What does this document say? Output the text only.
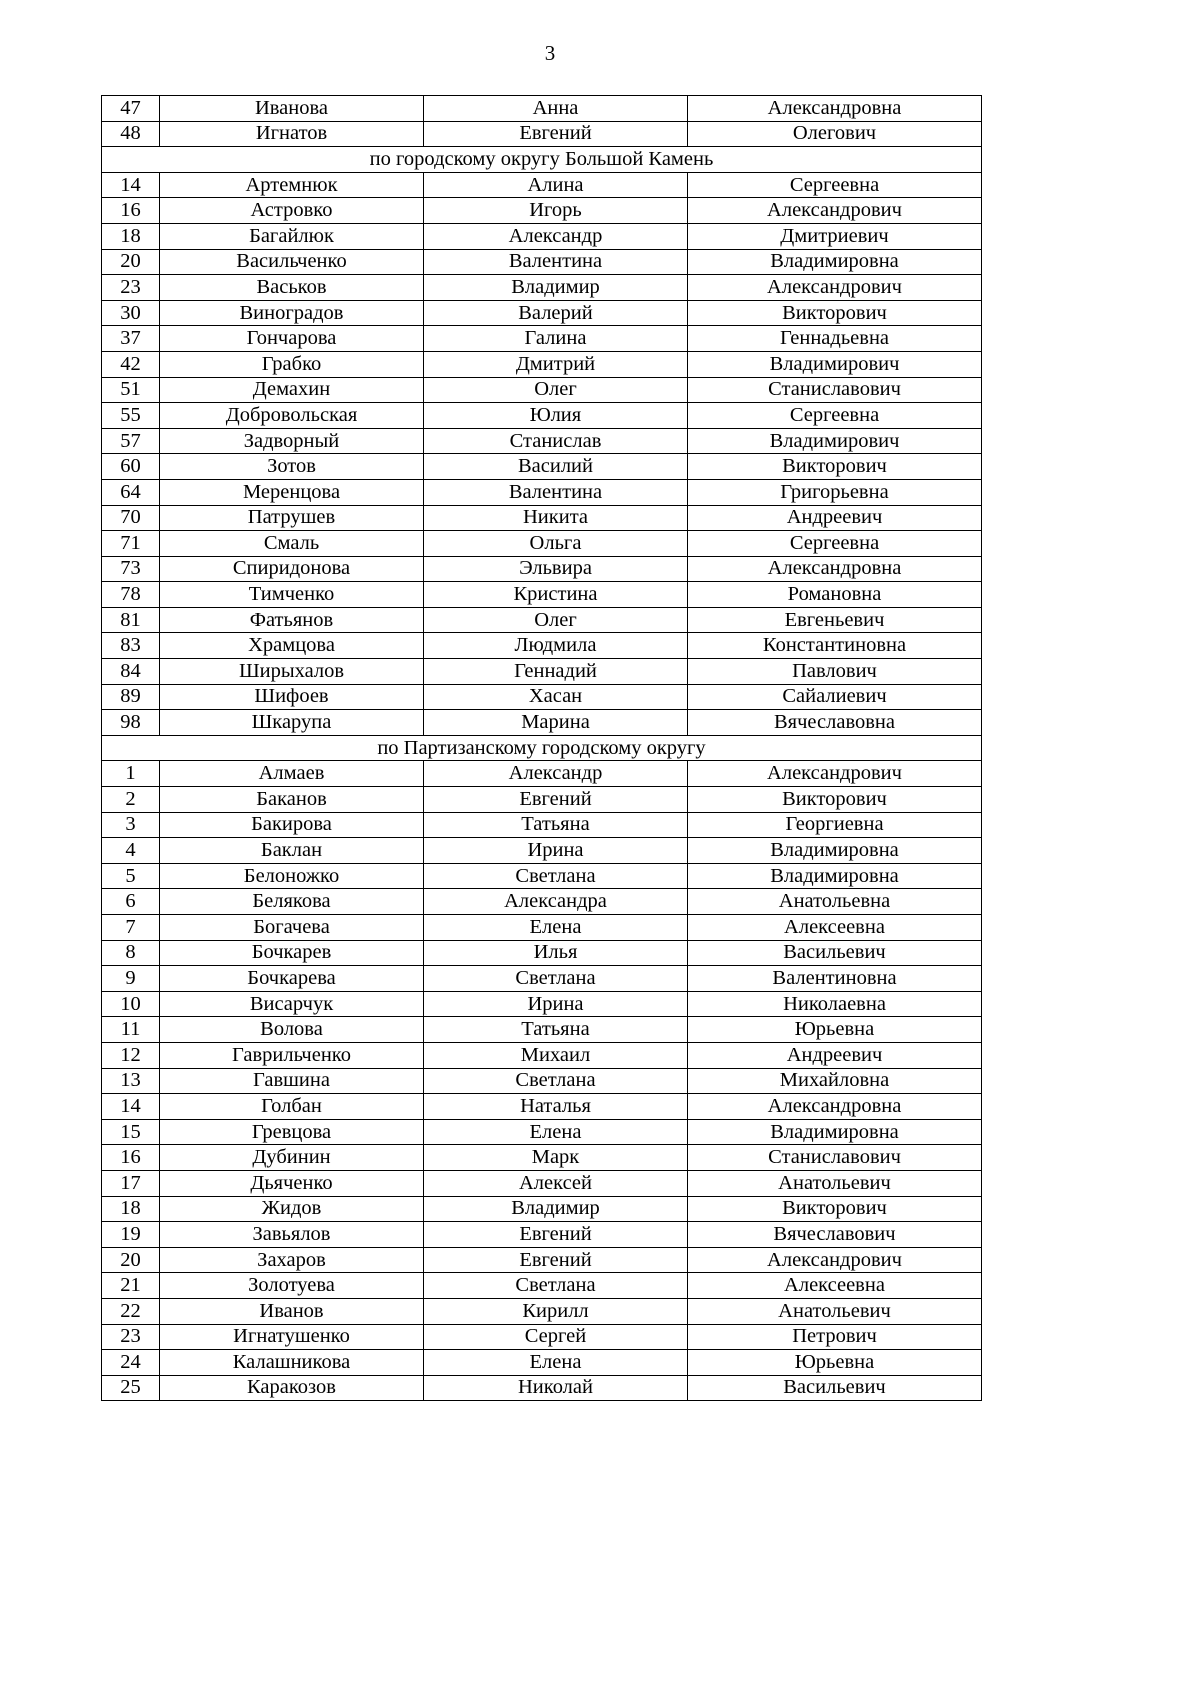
3
47	Иванова	Анна	Александровна
48	Игнатов	Евгений	Олегович
по городскому округу Большой Камень			
14	Артемнюк	Алина	Сергеевна
16	Астровко	Игорь	Александрович
18	Багайлюк	Александр	Дмитриевич
20	Васильченко	Валентина	Владимировна
23	Васьков	Владимир	Александрович
30	Виноградов	Валерий	Викторович
37	Гончарова	Галина	Геннадьевна
42	Грабко	Дмитрий	Владимирович
51	Демахин	Олег	Станиславович
55	Добровольская	Юлия	Сергеевна
57	Задворный	Станислав	Владимирович
60	Зотов	Василий	Викторович
64	Меренцова	Валентина	Григорьевна
70	Патрушев	Никита	Андреевич
71	Смаль	Ольга	Сергеевна
73	Спиридонова	Эльвира	Александровна
78	Тимченко	Кристина	Романовна
81	Фатьянов	Олег	Евгеньевич
83	Храмцова	Людмила	Константиновна
84	Ширыхалов	Геннадий	Павлович
89	Шифоев	Хасан	Сайалиевич
98	Шкарупа	Марина	Вячеславовна
по Партизанскому городскому округу			
1	Алмаев	Александр	Александрович
2	Баканов	Евгений	Викторович
3	Бакирова	Татьяна	Георгиевна
4	Баклан	Ирина	Владимировна
5	Белоножко	Светлана	Владимировна
6	Белякова	Александра	Анатольевна
7	Богачева	Елена	Алексеевна
8	Бочкарев	Илья	Васильевич
9	Бочкарева	Светлана	Валентиновна
10	Висарчук	Ирина	Николаевна
11	Волова	Татьяна	Юрьевна
12	Гаврильченко	Михаил	Андреевич
13	Гавшина	Светлана	Михайловна
14	Голбан	Наталья	Александровна
15	Гревцова	Елена	Владимировна
16	Дубинин	Марк	Станиславович
17	Дьяченко	Алексей	Анатольевич
18	Жидов	Владимир	Викторович
19	Завьялов	Евгений	Вячеславович
20	Захаров	Евгений	Александрович
21	Золотуева	Светлана	Алексеевна
22	Иванов	Кирилл	Анатольевич
23	Игнатушенко	Сергей	Петрович
24	Калашникова	Елена	Юрьевна
25	Каракозов	Николай	Васильевич
